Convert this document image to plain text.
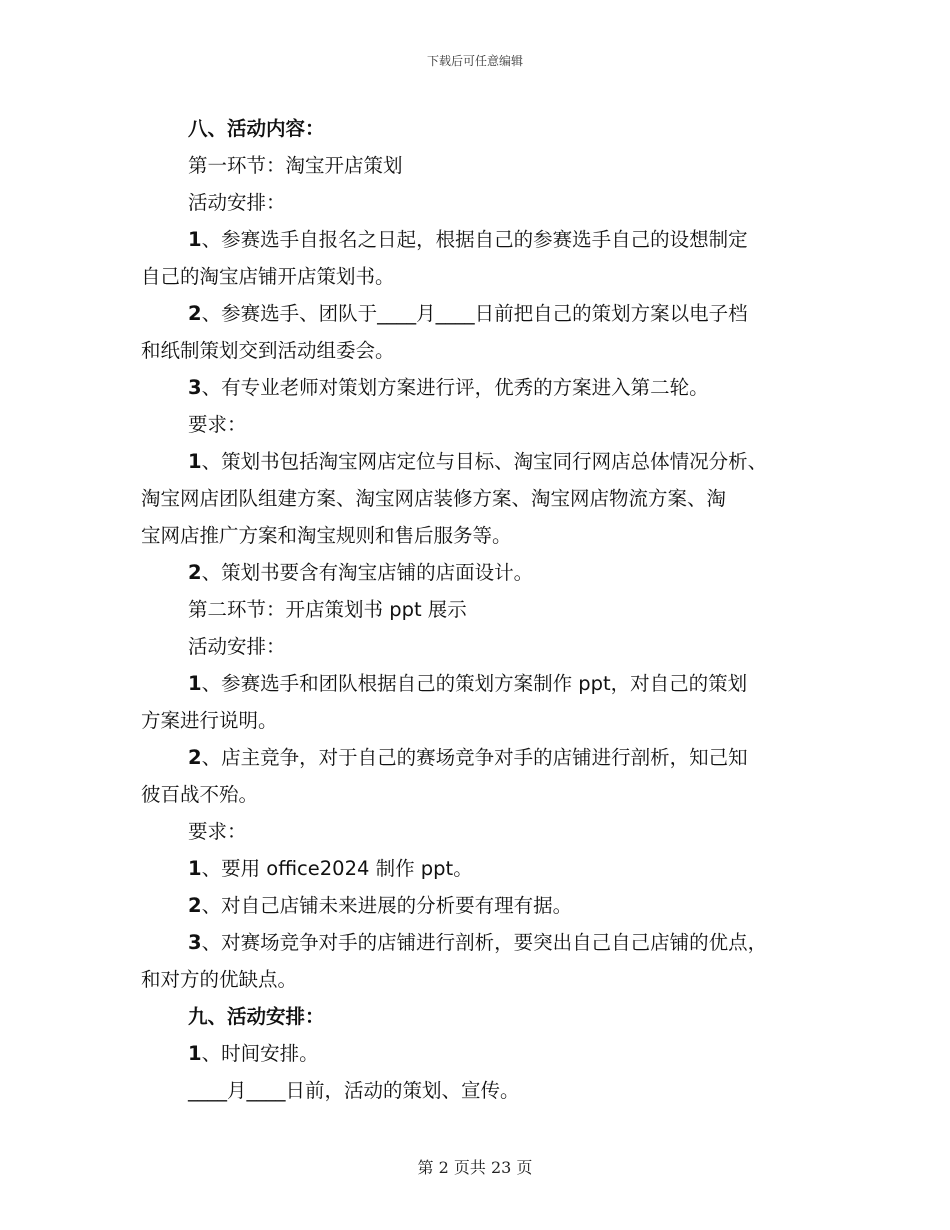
下载后可任意编辑
八、活动内容：
第一环节：淘宝开店策划
活动安排：
1、参赛选手自报名之日起，根据自己的参赛选手自己的设想制定
自己的淘宝店铺开店策划书。
2、参赛选手、团队于____月____日前把自己的策划方案以电子档
和纸制策划交到活动组委会。
3、有专业老师对策划方案进行评，优秀的方案进入第二轮。
要求：
1、策划书包括淘宝网店定位与目标、淘宝同行网店总体情况分析、
淘宝网店团队组建方案、淘宝网店装修方案、淘宝网店物流方案、淘
宝网店推广方案和淘宝规则和售后服务等。
2、策划书要含有淘宝店铺的店面设计。
第二环节：开店策划书 ppt 展示
活动安排：
1、参赛选手和团队根据自己的策划方案制作 ppt，对自己的策划
方案进行说明。
2、店主竞争，对于自己的赛场竞争对手的店铺进行剖析，知己知
彼百战不殆。
要求：
1、要用 office2024 制作 ppt。
2、对自己店铺未来进展的分析要有理有据。
3、对赛场竞争对手的店铺进行剖析，要突出自己自己店铺的优点，
和对方的优缺点。
九、活动安排：
1、时间安排。
____月____日前，活动的策划、宣传。
第 2 页共 23 页
